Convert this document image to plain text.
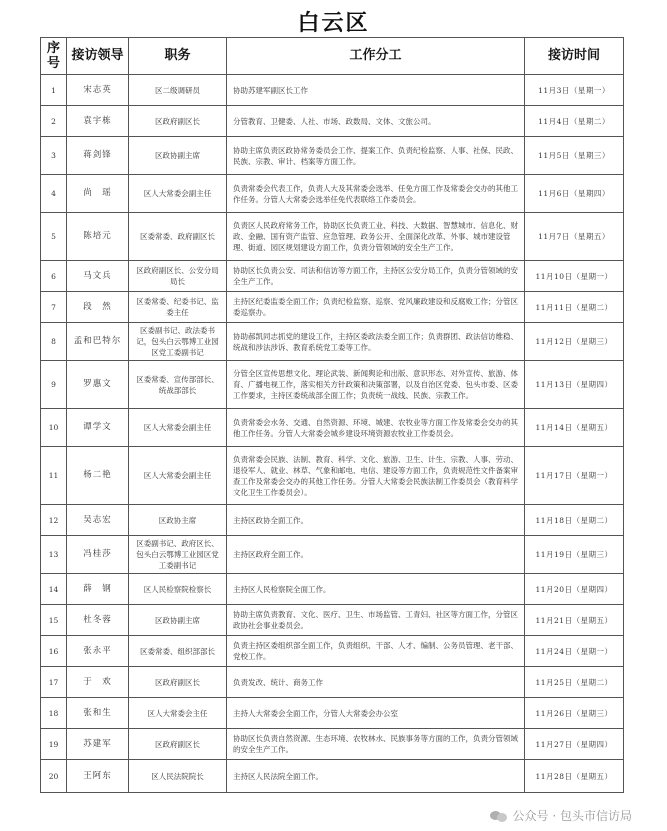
白云区
序号	接访领导	职务	工作分工	接访时间
1	宋志英	区二级调研员	协助苏建军副区长工作	11月3日（星期一）
2	袁宇栋	区政府副区长	分管教育、卫健委、人社、市场、政数局、文体、文旅公司。	11月4日（星期二）
3	蒋剑锋	区政协副主席	协助主席负责区政协常务委员会工作、提案工作、负责纪检监察、人事、社保、民政、民族、宗教、审计、档案等方面工作。	11月5日（星期三）
4	尚　瑶	区人大常委会副主任	负责常委会代表工作，负责人大及其常委会选举、任免方面工作及常委会交办的其他工作任务。分管人大常委会选举任免代表联络工作委员会。	11月6日（星期四）
5	陈培元	区委常委、政府副区长	负责区人民政府常务工作，协助区长负责工业、科技、大数据、智慧城市、信息化、财政、金融、国有资产监管、应急管理、政务公开、全面深化改革、外事、城市建设管理、街道、园区规划建设方面工作，负责分管领域的安全生产工作。	11月7日（星期五）
6	马文兵	区政府副区长、公安分局局长	协助区长负责公安、司法和信访等方面工作，主持区公安分局工作，负责分管领域的安全生产工作。	11月10日（星期一）
7	段　然	区委常委、纪委书记、监委主任	主持区纪委监委全面工作；负责纪检监察、巡察、党风廉政建设和反腐败工作；分管区委巡察办。	11月11日（星期二）
8	孟和巴特尔	区委副书记、政法委书记，包头白云鄂博工业园区党工委副书记	协助郝凯同志抓党的建设工作，主持区委政法委全面工作；负责群团、政法信访维稳、统战和涉法涉诉、教育系统党工委等工作。	11月12日（星期三）
9	罗惠文	区委常委、宣传部部长、统战部部长	分管全区宣传思想文化、理论武装、新闻舆论和出版、意识形态、对外宣传、旅游、体育、广播电视工作，落实相关方针政策和决策部署，以及自治区党委、包头市委、区委工作要求，主持区委统战部全面工作；负责统一战线、民族、宗教工作。	11月13日（星期四）
10	谭学文	区人大常委会副主任	负责常委会水务、交通、自然资源、环境、城建、农牧业等方面工作及常委会交办的其他工作任务。分管人大常委会城乡建设环境资源农牧业工作委员会。	11月14日（星期五）
11	杨二艳	区人大常委会副主任	负责常委会民族、法制、教育、科学、文化、旅游、卫生、计生、宗教、人事、劳动、退役军人、就业、林草、气象和邮电、电信、建设等方面工作，负责规范性文件备案审查工作及常委会交办的其他工作任务。分管人大常委会民族法制工作委员会（教育科学文化卫生工作委员会）。	11月17日（星期一）
12	吴志宏	区政协主席	主持区政协全面工作。	11月18日（星期二）
13	冯桂莎	区委副书记、政府区长、包头白云鄂博工业园区党工委副书记	主持区政府全面工作。	11月19日（星期三）
14	薛　钢	区人民检察院检察长	主持区人民检察院全面工作。	11月20日（星期四）
15	杜冬蓉	区政协副主席	协助主席负责教育、文化、医疗、卫生、市场监管、工青妇、社区等方面工作，分管区政协社会事业委员会。	11月21日（星期五）
16	张永平	区委常委、组织部部长	负责主持区委组织部全面工作，负责组织、干部、人才、编制、公务员管理、老干部、党校工作。	11月24日（星期一）
17	于　欢	区政府副区长	负责发改、统计、商务工作	11月25日（星期二）
18	张和生	区人大常委会主任	主持人大常委会全面工作，分管人大常委会办公室	11月26日（星期三）
19	苏建军	区政府副区长	协助区长负责自然资源、生态环境、农牧林水、民族事务等方面的工作，负责分管领域的安全生产工作。	11月27日（星期四）
20	王阿东	区人民法院院长	主持区人民法院全面工作。	11月28日（星期五）
公众号 · 包头市信访局
